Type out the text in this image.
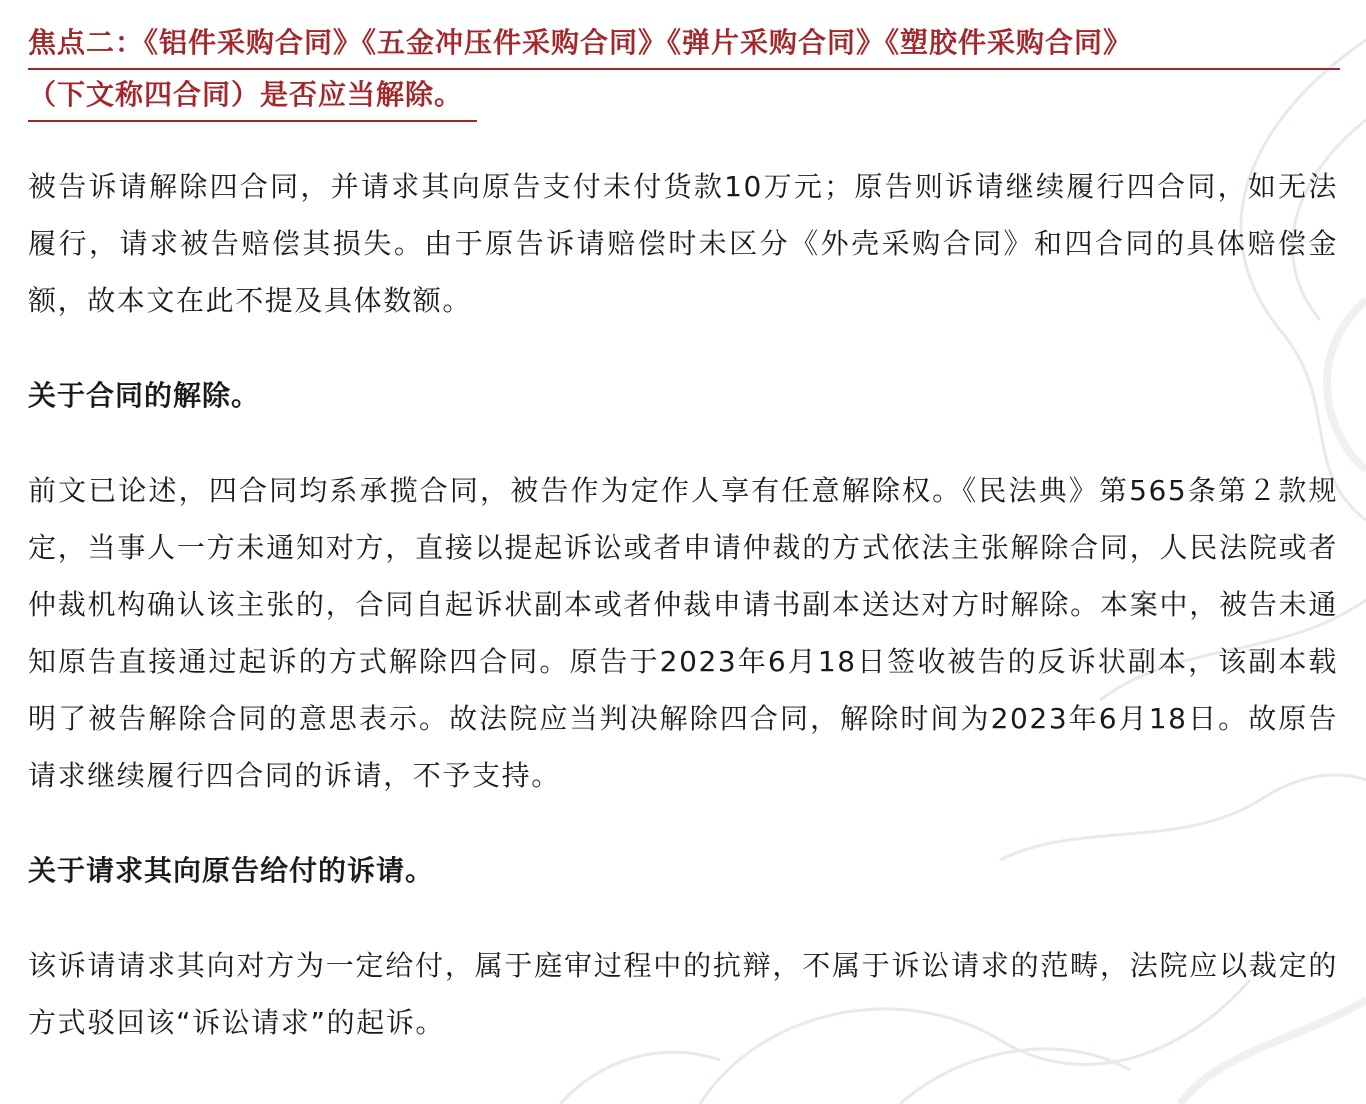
焦点二：《铝件采购合同》《五金冲压件采购合同》《弹片采购合同》《塑胶件采购合同》
（下文称四合同）是否应当解除。

被告诉请解除四合同，并请求其向原告支付未付货款10万元；原告则诉请继续履行四合同，如无法履行，请求被告赔偿其损失。由于原告诉请赔偿时未区分《外壳采购合同》和四合同的具体赔偿金额，故本文在此不提及具体数额。

关于合同的解除。

前文已论述，四合同均系承揽合同，被告作为定作人享有任意解除权。《民法典》第565条第２款规定，当事人一方未通知对方，直接以提起诉讼或者申请仲裁的方式依法主张解除合同，人民法院或者仲裁机构确认该主张的，合同自起诉状副本或者仲裁申请书副本送达对方时解除。本案中，被告未通知原告直接通过起诉的方式解除四合同。原告于2023年6月18日签收被告的反诉状副本，该副本载明了被告解除合同的意思表示。故法院应当判决解除四合同，解除时间为2023年6月18日。故原告请求继续履行四合同的诉请，不予支持。

关于请求其向原告给付的诉请。

该诉请请求其向对方为一定给付，属于庭审过程中的抗辩，不属于诉讼请求的范畴，法院应以裁定的方式驳回该“诉讼请求”的起诉。
